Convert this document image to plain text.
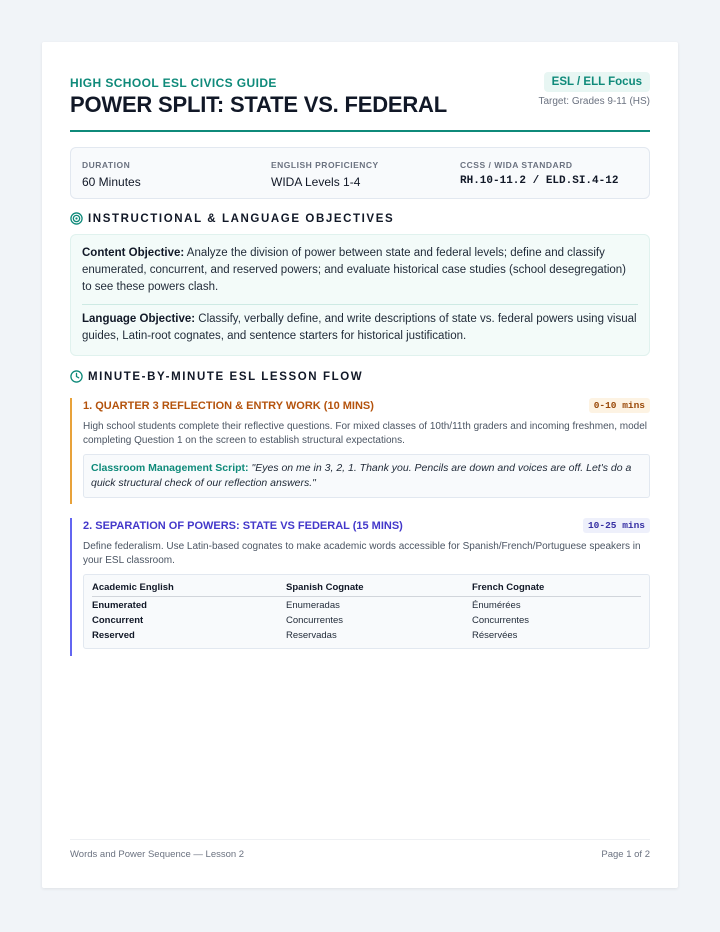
HIGH SCHOOL ESL CIVICS GUIDE
POWER SPLIT: STATE VS. FEDERAL
ESL / ELL Focus
Target: Grades 9-11 (HS)
DURATION
60 Minutes
ENGLISH PROFICIENCY
WIDA Levels 1-4
CCSS / WIDA STANDARD
RH.10-11.2 / ELD.SI.4-12
INSTRUCTIONAL & LANGUAGE OBJECTIVES

Content Objective: Analyze the division of power between state and federal levels; define and classify enumerated, concurrent, and reserved powers; and evaluate historical case studies (school desegregation) to see these powers clash.

Language Objective: Classify, verbally define, and write descriptions of state vs. federal powers using visual guides, Latin-root cognates, and sentence starters for historical justification.

MINUTE-BY-MINUTE ESL LESSON FLOW
1. QUARTER 3 REFLECTION & ENTRY WORK (10 MINS)	0-10 mins
High school students complete their reflective questions. For mixed classes of 10th/11th graders and incoming freshmen, model completing Question 1 on the screen to establish structural expectations.
Classroom Management Script: "Eyes on me in 3, 2, 1. Thank you. Pencils are down and voices are off. Let's do a quick structural check of our reflection answers."
2. SEPARATION OF POWERS: STATE VS FEDERAL (15 MINS)	10-25 mins
Define federalism. Use Latin-based cognates to make academic words accessible for Spanish/French/Portuguese speakers in your ESL classroom.
Academic English	Spanish Cognate	French Cognate
Enumerated	Enumeradas	Énumérées
Concurrent	Concurrentes	Concurrentes
Reserved	Reservadas	Réservées
Words and Power Sequence — Lesson 2	Page 1 of 2
